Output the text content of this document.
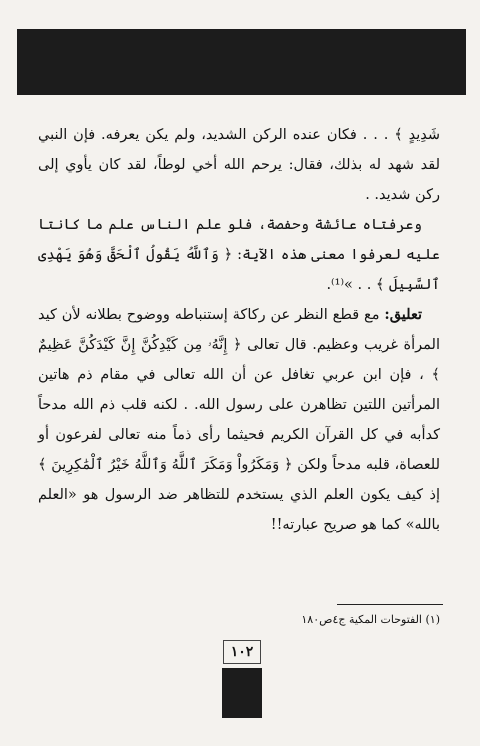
شَدِيدٍ ﴾ . . . فكان عنده الركن الشديد، ولم يكن يعرفه. فإن النبي لقد شهد له بذلك، فقال: يرحم الله أخي لوطاً، لقد كان يأوي إلى ركن شديد. .

وعرفتاه عائشة وحفصة، فلو علم الناس علم ما كانتا عليه لعرفوا معنى هذه الآية: ﴿ وَٱللَّهُ يَقُولُ ٱلْحَقَّ وَهُوَ يَهْدِى ٱلسَّبِيلَ ﴾ . . »⁽¹⁾.

تعليق: مع قطع النظر عن ركاكة إستنباطه ووضوح بطلانه لأن كيد المرأة غريب وعظيم. قال تعالى ﴿ إِنَّهُۥ مِن كَيْدِكُنَّ إِنَّ كَيْدَكُنَّ عَظِيمٌ ﴾ ، فإن ابن عربي تغافل عن أن الله تعالى في مقام ذم هاتين المرأتين اللتين تظاهرن على رسول الله. . لكنه قلب ذم الله مدحاً كدأبه في كل القرآن الكريم فحيثما رأى ذماً منه تعالى لفرعون أو للعصاة، قلبه مدحاً ولكن ﴿ وَمَكَرُواْ وَمَكَرَ ٱللَّهُ وَٱللَّهُ خَيْرُ ٱلْمَٰكِرِينَ ﴾ إذ كيف يكون العلم الذي يستخدم للتظاهر ضد الرسول هو «العلم بالله» كما هو صريح عبارته!!

(١) الفتوحات المكية ج٤ص١٨٠
١٠٢
